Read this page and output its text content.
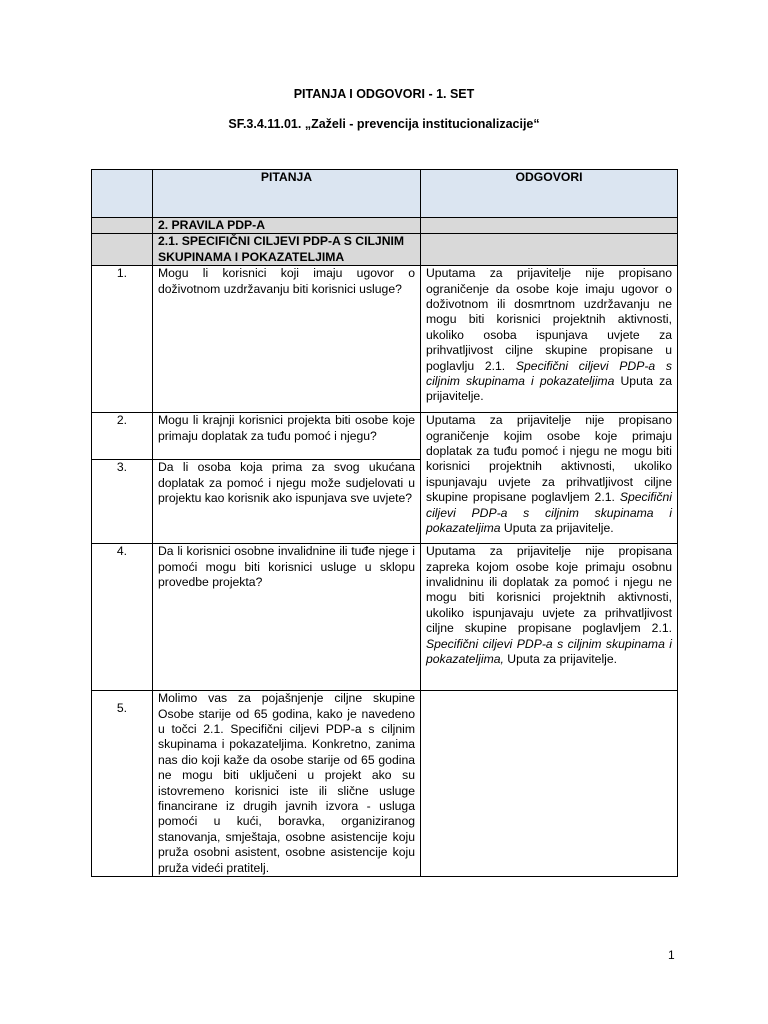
PITANJA I ODGOVORI - 1. SET
SF.3.4.11.01. „Zaželi - prevencija institucionalizacije“
	PITANJA	ODGOVORI
	2. PRAVILA PDP-A	
	2.1. SPECIFIČNI CILJEVI PDP-A S CILJNIM SKUPINAMA I POKAZATELJIMA	
1.	Mogu li korisnici koji imaju ugovor o doživotnom uzdržavanju biti korisnici usluge?	Uputama za prijavitelje nije propisano ograničenje da osobe koje imaju ugovor o doživotnom ili dosmrtnom uzdržavanju ne mogu biti korisnici projektnih aktivnosti, ukoliko osoba ispunjava uvjete za prihvatljivost ciljne skupine propisane u poglavlju 2.1. Specifični ciljevi PDP-a s ciljnim skupinama i pokazateljima Uputa za prijavitelje.
2.	Mogu li krajnji korisnici projekta biti osobe koje primaju doplatak za tuđu pomoć i njegu?	Uputama za prijavitelje nije propisano ograničenje kojim osobe koje primaju doplatak za tuđu pomoć i njegu ne mogu biti korisnici projektnih aktivnosti, ukoliko ispunjavaju uvjete za prihvatljivost ciljne skupine propisane poglavljem 2.1. Specifični ciljevi PDP-a s ciljnim skupinama i pokazateljima Uputa za prijavitelje.
3.	Da li osoba koja prima za svog ukućana doplatak za pomoć i njegu može sudjelovati u projektu kao korisnik ako ispunjava sve uvjete?	
4.	Da li korisnici osobne invalidnine ili tuđe njege i pomoći mogu biti korisnici usluge u sklopu provedbe projekta?	Uputama za prijavitelje nije propisana zapreka kojom osobe koje primaju osobnu invalidninu ili doplatak za pomoć i njegu ne mogu biti korisnici projektnih aktivnosti, ukoliko ispunjavaju uvjete za prihvatljivost ciljne skupine propisane poglavljem 2.1. Specifični ciljevi PDP-a s ciljnim skupinama i pokazateljima, Uputa za prijavitelje.
5.	Molimo vas za pojašnjenje ciljne skupine Osobe starije od 65 godina, kako je navedeno u točci 2.1. Specifični ciljevi PDP-a s ciljnim skupinama i pokazateljima. Konkretno, zanima nas dio koji kaže da osobe starije od 65 godina ne mogu biti uključeni u projekt ako su istovremeno korisnici iste ili slične usluge financirane iz drugih javnih izvora - usluga pomoći u kući, boravka, organiziranog stanovanja, smještaja, osobne asistencije koju pruža osobni asistent, osobne asistencije koju pruža videći pratitelj.	
1
